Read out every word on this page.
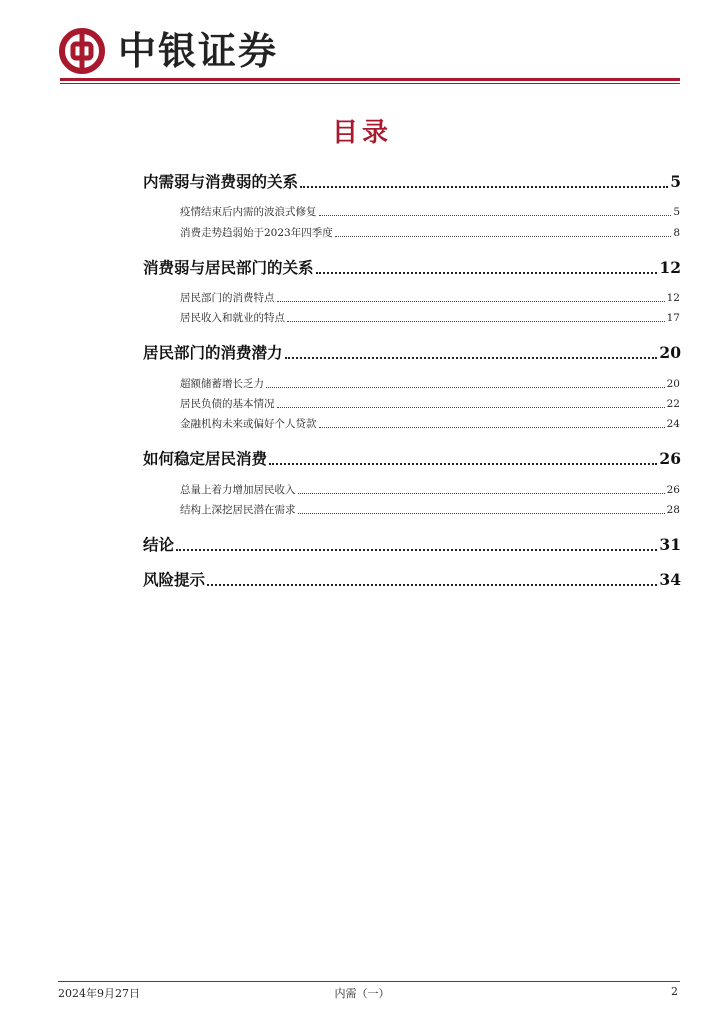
中银证券
目录
内需弱与消费弱的关系	5
疫情结束后内需的波浪式修复	5
消费走势趋弱始于2023年四季度	8
消费弱与居民部门的关系	12
居民部门的消费特点	12
居民收入和就业的特点	17
居民部门的消费潜力	20
超额储蓄增长乏力	20
居民负债的基本情况	22
金融机构未来或偏好个人贷款	24
如何稳定居民消费	26
总量上着力增加居民收入	26
结构上深挖居民潜在需求	28
结论	31
风险提示	34
2024年9月27日	内需（一）	2
